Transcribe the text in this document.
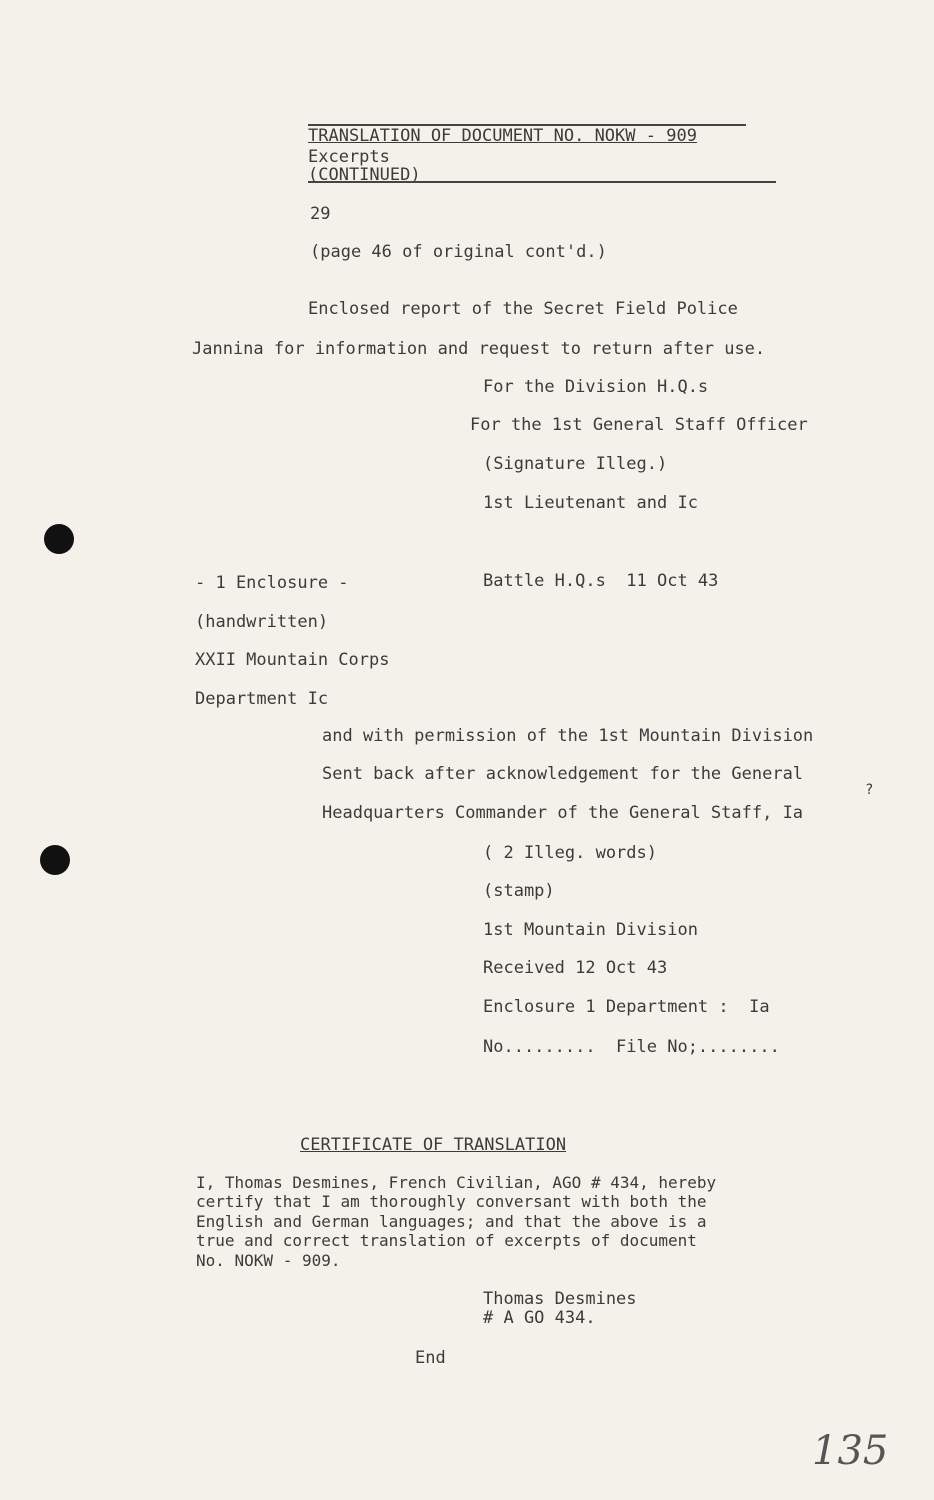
TRANSLATION OF DOCUMENT NO. NOKW - 909
Excerpts
(CONTINUED)
29
(page 46 of original cont'd.)
Enclosed report of the Secret Field Police
Jannina for information and request to return after use.
For the Division H.Q.s
For the 1st General Staff Officer
(Signature Illeg.)
1st Lieutenant and Ic
- 1 Enclosure -	Battle H.Q.s  11 Oct 43
(handwritten)
XXII Mountain Corps
Department Ic
and with permission of the 1st Mountain Division
Sent back after acknowledgement for the General
?
Headquarters Commander of the General Staff, Ia
( 2 Illeg. words)
(stamp)
1st Mountain Division
Received 12 Oct 43
Enclosure 1 Department :  Ia
No.........  File No;........
CERTIFICATE OF TRANSLATION
I, Thomas Desmines, French Civilian, AGO # 434, hereby
certify that I am thoroughly conversant with both the
English and German languages; and that the above is a
true and correct translation of excerpts of document
No. NOKW - 909.
Thomas Desmines
# A GO 434.
End
135
